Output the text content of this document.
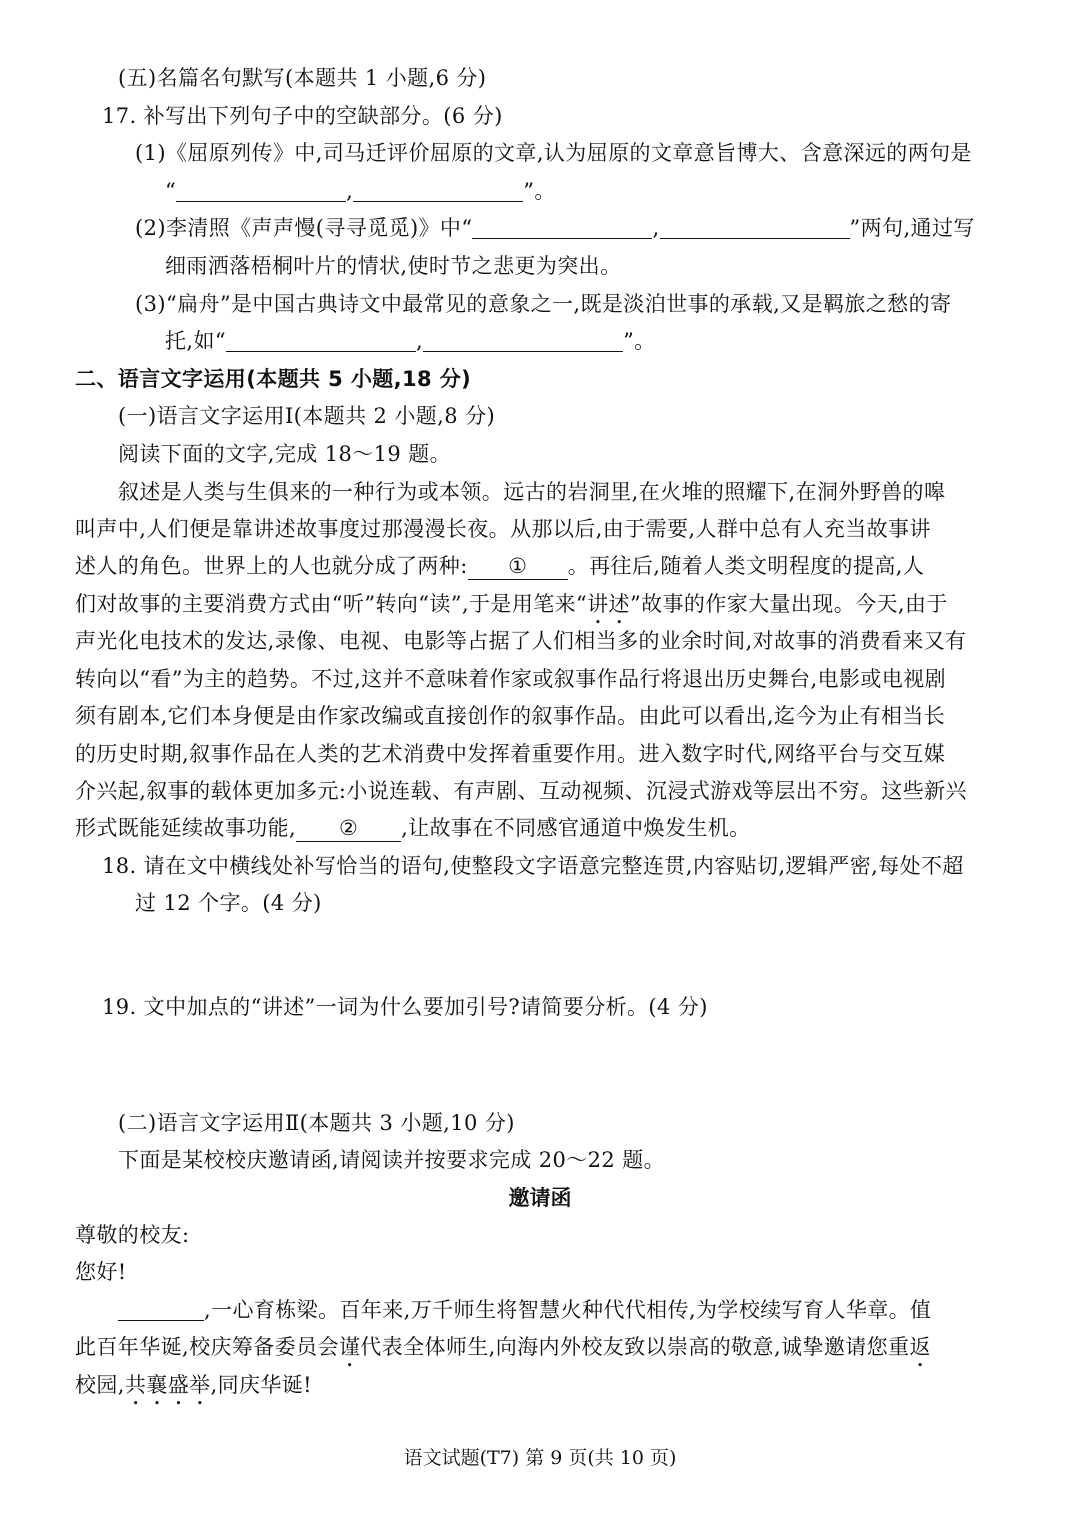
(五)名篇名句默写(本题共 1 小题,6 分)
17. 补写出下列句子中的空缺部分。(6 分)
(1)《屈原列传》中,司马迁评价屈原的文章,认为屈原的文章意旨博大、含意深远的两句是
“	,	”。
(2)李清照《声声慢(寻寻觅觅)》中“	,	”两句,通过写
细雨洒落梧桐叶片的情状,使时节之悲更为突出。
(3)“扁舟”是中国古典诗文中最常见的意象之一,既是淡泊世事的承载,又是羁旅之愁的寄
托,如“	,	”。
二、语言文字运用(本题共 5 小题,18 分)
(一)语言文字运用Ⅰ(本题共 2 小题,8 分)
阅读下面的文字,完成 18～19 题。
叙述是人类与生俱来的一种行为或本领。远古的岩洞里,在火堆的照耀下,在洞外野兽的嗥
叫声中,人们便是靠讲述故事度过那漫漫长夜。从那以后,由于需要,人群中总有人充当故事讲
述人的角色。世界上的人也就分成了两种: ① 。再往后,随着人类文明程度的提高,人
们对故事的主要消费方式由“听”转向“读”,于是用笔来“讲述”故事的作家大量出现。今天,由于
声光化电技术的发达,录像、电视、电影等占据了人们相当多的业余时间,对故事的消费看来又有
转向以“看”为主的趋势。不过,这并不意味着作家或叙事作品行将退出历史舞台,电影或电视剧
须有剧本,它们本身便是由作家改编或直接创作的叙事作品。由此可以看出,迄今为止有相当长
的历史时期,叙事作品在人类的艺术消费中发挥着重要作用。进入数字时代,网络平台与交互媒
介兴起,叙事的载体更加多元:小说连载、有声剧、互动视频、沉浸式游戏等层出不穷。这些新兴
形式既能延续故事功能, ② ,让故事在不同感官通道中焕发生机。
18. 请在文中横线处补写恰当的语句,使整段文字语意完整连贯,内容贴切,逻辑严密,每处不超
过 12 个字。(4 分)
19. 文中加点的“讲述”一词为什么要加引号?请简要分析。(4 分)
(二)语言文字运用Ⅱ(本题共 3 小题,10 分)
下面是某校校庆邀请函,请阅读并按要求完成 20～22 题。
邀请函
尊敬的校友:
您好!
,一心育栋梁。百年来,万千师生将智慧火种代代相传,为学校续写育人华章。值
此百年华诞,校庆筹备委员会谨代表全体师生,向海内外校友致以崇高的敬意,诚挚邀请您重返
校园,共襄盛举,同庆华诞!
语文试题(T7) 第 9 页(共 10 页)
